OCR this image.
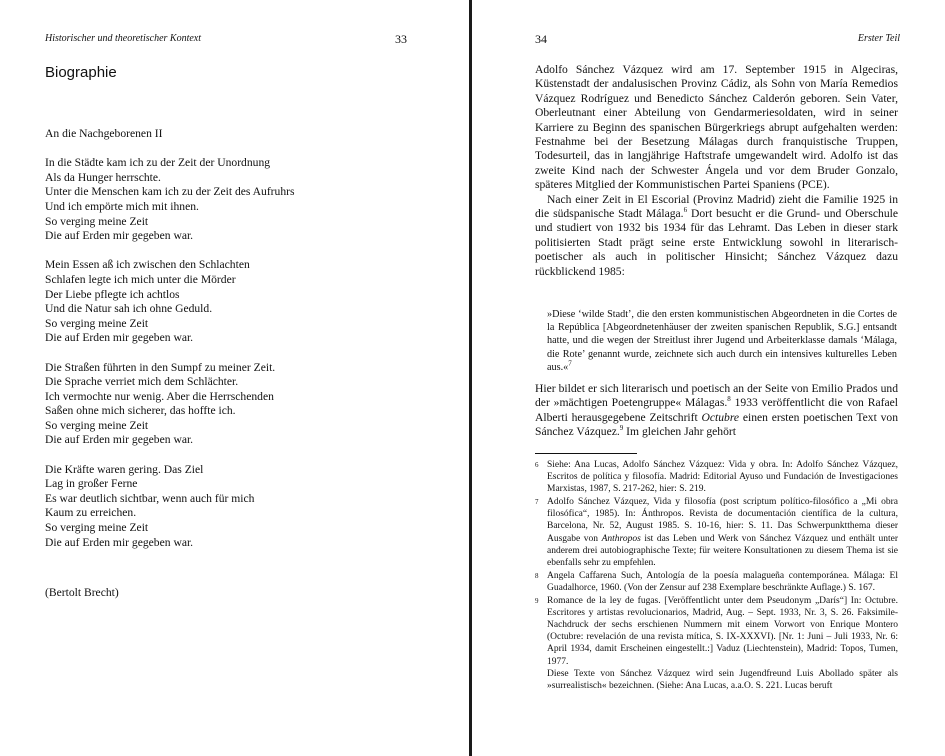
Historischer und theoretischer Kontext	33
Biographie
An die Nachgeborenen II
In die Städte kam ich zu der Zeit der Unordnung
Als da Hunger herrschte.
Unter die Menschen kam ich zu der Zeit des Aufruhrs
Und ich empörte mich mit ihnen.
So verging meine Zeit
Die auf Erden mir gegeben war.
Mein Essen aß ich zwischen den Schlachten
Schlafen legte ich mich unter die Mörder
Der Liebe pflegte ich achtlos
Und die Natur sah ich ohne Geduld.
So verging meine Zeit
Die auf Erden mir gegeben war.
Die Straßen führten in den Sumpf zu meiner Zeit.
Die Sprache verriet mich dem Schlächter.
Ich vermochte nur wenig. Aber die Herrschenden
Saßen ohne mich sicherer, das hoffte ich.
So verging meine Zeit
Die auf Erden mir gegeben war.
Die Kräfte waren gering. Das Ziel
Lag in großer Ferne
Es war deutlich sichtbar, wenn auch für mich
Kaum zu erreichen.
So verging meine Zeit
Die auf Erden mir gegeben war.
(Bertolt Brecht)
34	Erster Teil

Adolfo Sánchez Vázquez wird am 17. September 1915 in Algeciras, Küstenstadt der andalusischen Provinz Cádiz, als Sohn von María Remedios Vázquez Rodríguez und Benedicto Sánchez Calderón geboren. Sein Vater, Oberleutnant einer Abteilung von Gendarmeriesoldaten, wird in seiner Karriere zu Beginn des spanischen Bürgerkriegs abrupt aufgehalten werden: Festnahme bei der Besetzung Málagas durch franquistische Truppen, Todesurteil, das in langjährige Haftstrafe umgewandelt wird. Adolfo ist das zweite Kind nach der Schwester Ángela und vor dem Bruder Gonzalo, späteres Mitglied der Kommunistischen Partei Spaniens (PCE).

Nach einer Zeit in El Escorial (Provinz Madrid) zieht die Familie 1925 in die südspanische Stadt Málaga.$^6$ Dort besucht er die Grund- und Oberschule und studiert von 1932 bis 1934 für das Lehramt. Das Leben in dieser stark politisierten Stadt prägt seine erste Entwicklung sowohl in literarisch-poetischer als auch in politischer Hinsicht; Sánchez Vázquez dazu rückblickend 1985:

»Diese ‘wilde Stadt’, die den ersten kommunistischen Abgeordneten in die Cortes de la República [Abgeordnetenhäuser der zweiten spanischen Republik, S.G.] entsandt hatte, und die wegen der Streitlust ihrer Jugend und Arbeiterklasse damals ‘Málaga, die Rote’ genannt wurde, zeichnete sich auch durch ein intensives kulturelles Leben aus.«$^7$

Hier bildet er sich literarisch und poetisch an der Seite von Emilio Prados und der »mächtigen Poetengruppe« Málagas.$^8$ 1933 veröffentlicht die von Rafael Alberti herausgegebene Zeitschrift Octubre einen ersten poetischen Text von Sánchez Vázquez.$^9$ Im gleichen Jahr gehört

6 Siehe: Ana Lucas, Adolfo Sánchez Vázquez: Vida y obra. In: Adolfo Sánchez Vázquez, Escritos de política y filosofía. Madrid: Editorial Ayuso und Fundación de Investigaciones Marxistas, 1987, S. 217-262, hier: S. 219.
7 Adolfo Sánchez Vázquez, Vida y filosofía (post scriptum político-filosófico a „Mi obra filosófica“, 1985). In: Ánthropos. Revista de documentación científica de la cultura, Barcelona, Nr. 52, August 1985. S. 10-16, hier: S. 11. Das Schwerpunktthema dieser Ausgabe von Anthropos ist das Leben und Werk von Sánchez Vázquez und enthält unter anderem drei autobiographische Texte; für weitere Konsultationen zu diesem Thema ist sie ebenfalls sehr zu empfehlen.
8 Angela Caffarena Such, Antología de la poesía malagueña contemporánea. Málaga: El Guadalhorce, 1960. (Von der Zensur auf 238 Exemplare beschränkte Auflage.) S. 167.
9 Romance de la ley de fugas. [Veröffentlicht unter dem Pseudonym „Darís“] In: Octubre. Escritores y artistas revolucionarios, Madrid, Aug. – Sept. 1933, Nr. 3, S. 26. Faksimile-Nachdruck der sechs erschienen Nummern mit einem Vorwort von Enrique Montero (Octubre: revelación de una revista mítica, S. IX-XXXVI). [Nr. 1: Juni – Juli 1933, Nr. 6: April 1934, damit Erscheinen eingestellt.:] Vaduz (Liechtenstein), Madrid: Topos, Tumen, 1977.
Diese Texte von Sánchez Vázquez wird sein Jugendfreund Luis Abollado später als »surrealistisch« bezeichnen. (Siehe: Ana Lucas, a.a.O. S. 221. Lucas beruft
